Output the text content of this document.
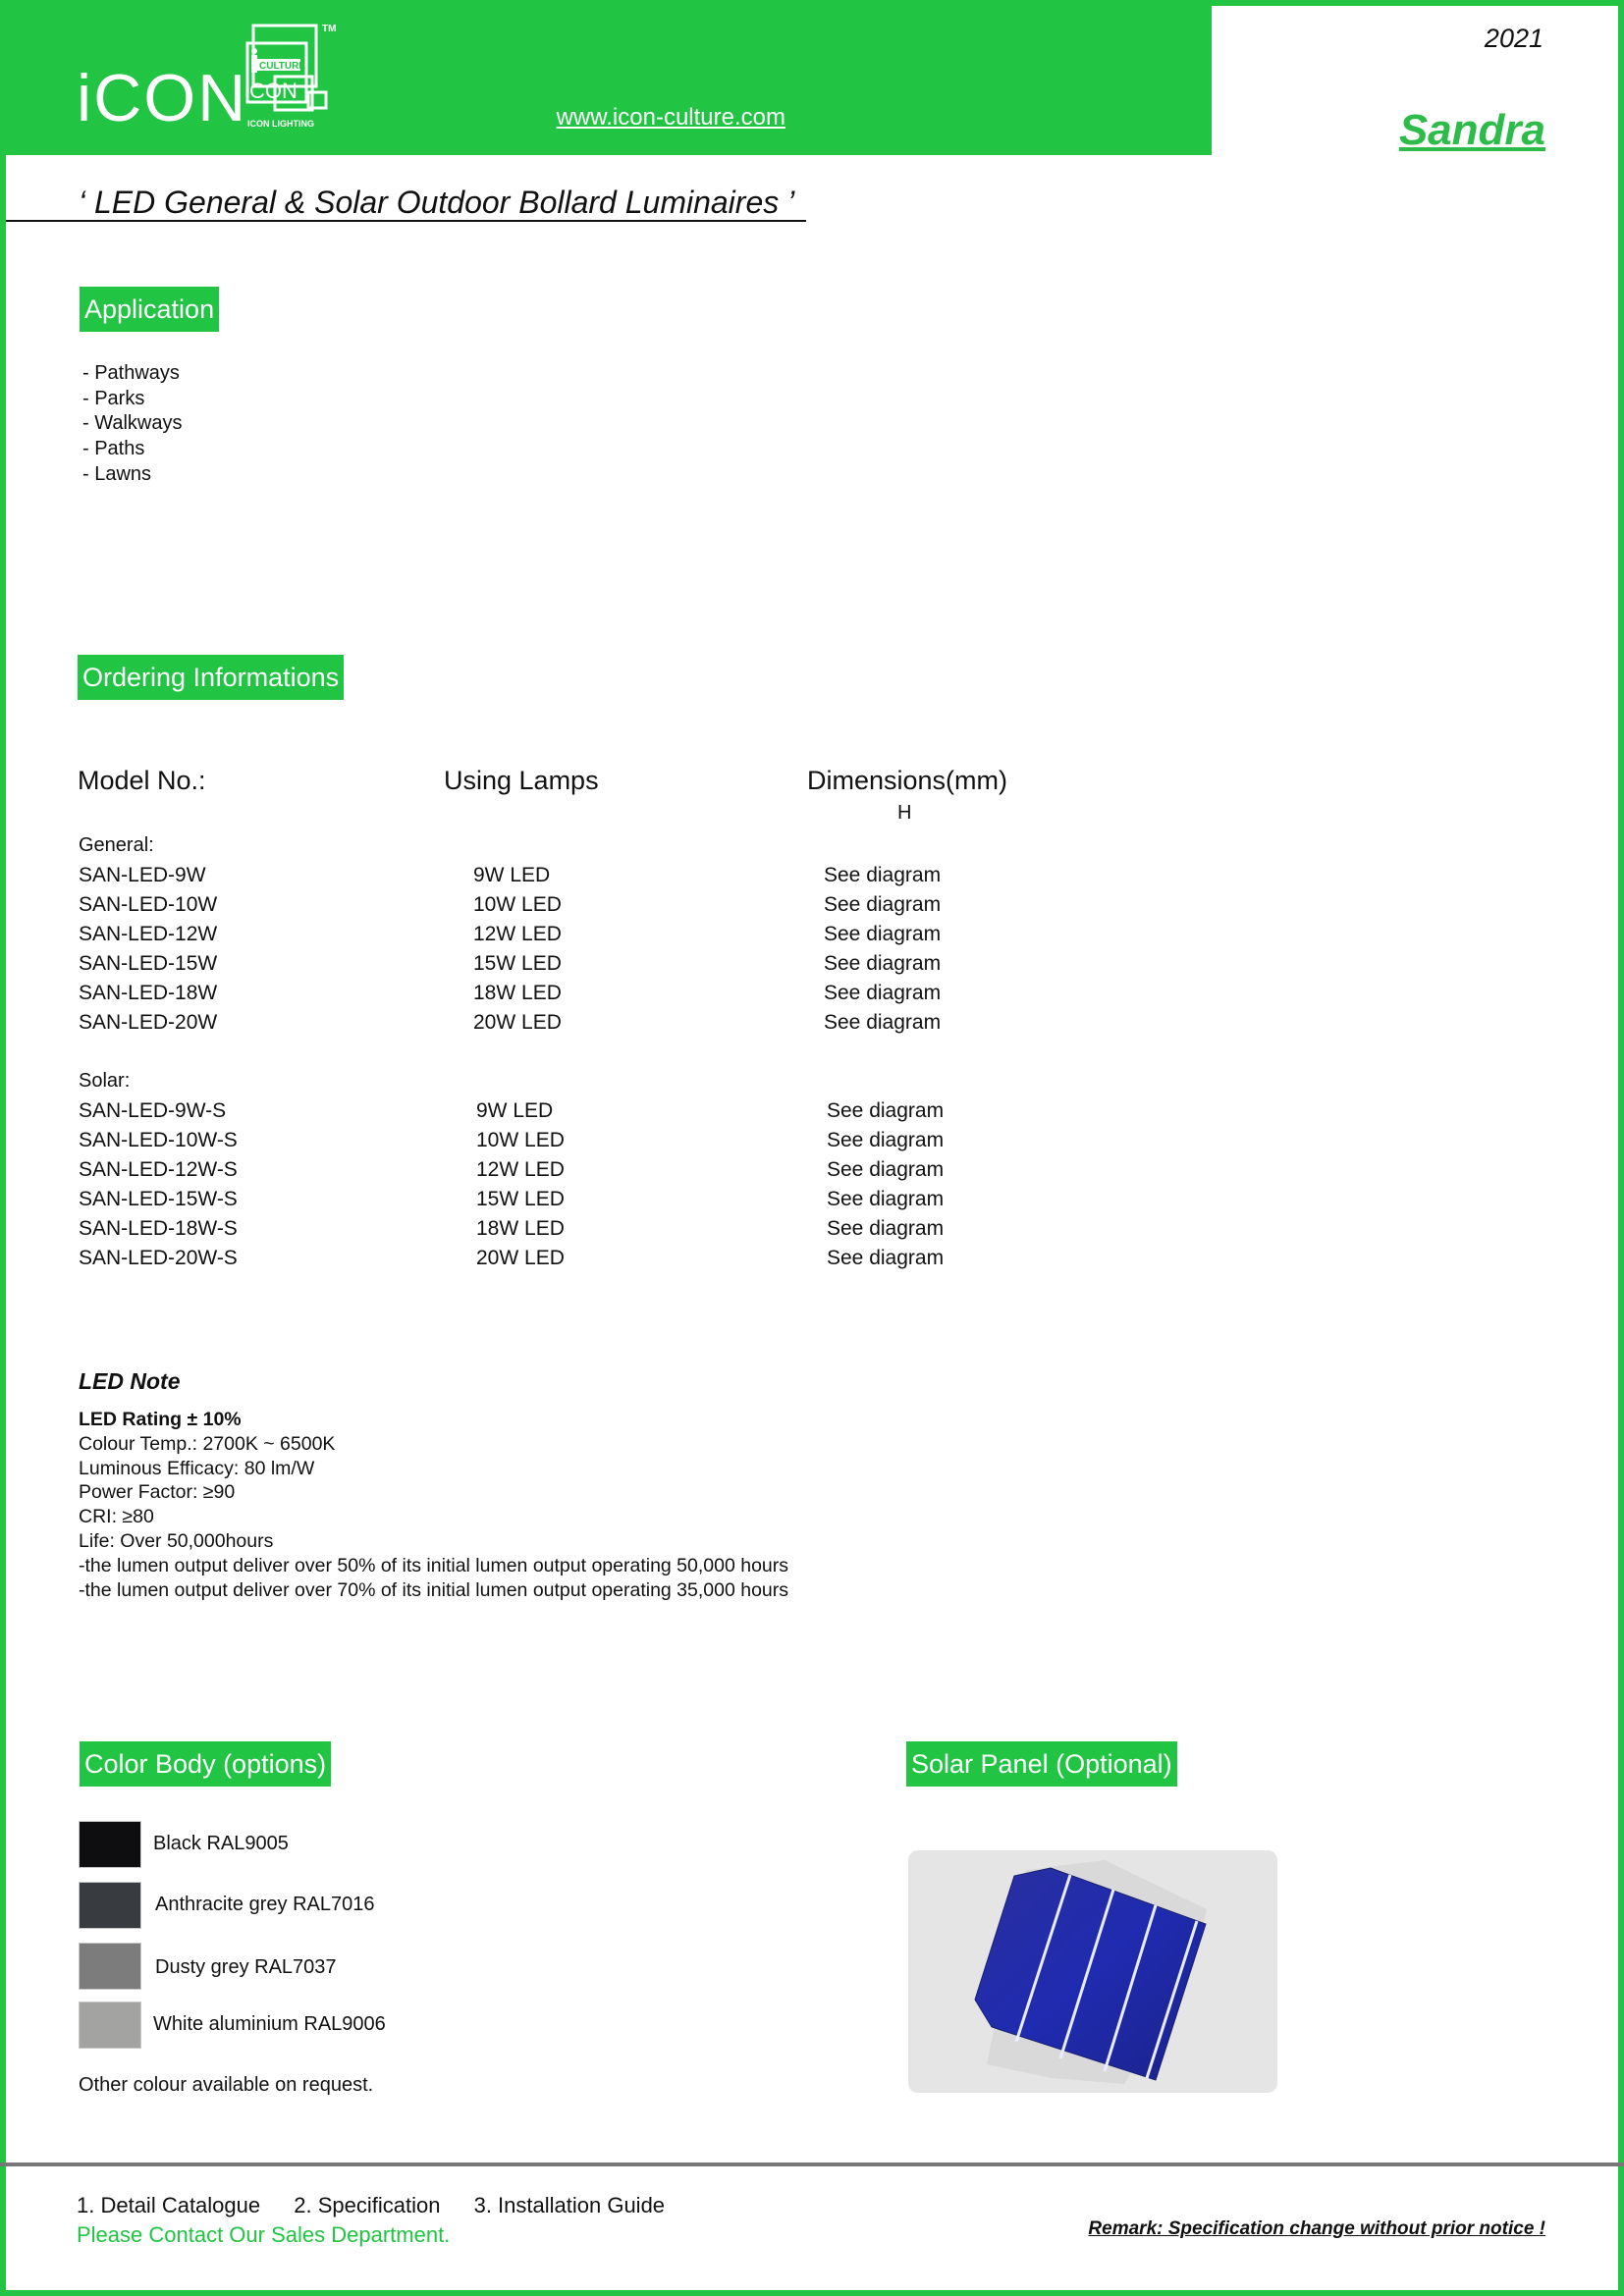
iCON CULTURE
CON
ICON LIGHTING
TM
www.icon-culture.com
2021
Sandra
‘ LED General & Solar Outdoor Bollard Luminaires ’
Application
- Pathways
- Parks
- Walkways
- Paths
- Lawns
Ordering Informations
Model No.:	Using Lamps	Dimensions(mm)
H
General:
SAN-LED-9W	9W LED	See diagram
SAN-LED-10W	10W LED	See diagram
SAN-LED-12W	12W LED	See diagram
SAN-LED-15W	15W LED	See diagram
SAN-LED-18W	18W LED	See diagram
SAN-LED-20W	20W LED	See diagram
Solar:
SAN-LED-9W-S	9W LED	See diagram
SAN-LED-10W-S	10W LED	See diagram
SAN-LED-12W-S	12W LED	See diagram
SAN-LED-15W-S	15W LED	See diagram
SAN-LED-18W-S	18W LED	See diagram
SAN-LED-20W-S	20W LED	See diagram
LED Note
LED Rating ± 10%
Colour Temp.: 2700K ~ 6500K
Luminous Efficacy: 80 lm/W
Power Factor: ≥90
CRI: ≥80
Life: Over 50,000hours
-the lumen output deliver over 50% of its initial lumen output operating 50,000 hours
-the lumen output deliver over 70% of its initial lumen output operating 35,000 hours
Color Body (options)
Black RAL9005
Anthracite grey RAL7016
Dusty grey RAL7037
White aluminium RAL9006
Other colour available on request.
Solar Panel (Optional)
1. Detail Catalogue 2. Specification 3. Installation Guide
Please Contact Our Sales Department.	Remark: Specification change without prior notice !
